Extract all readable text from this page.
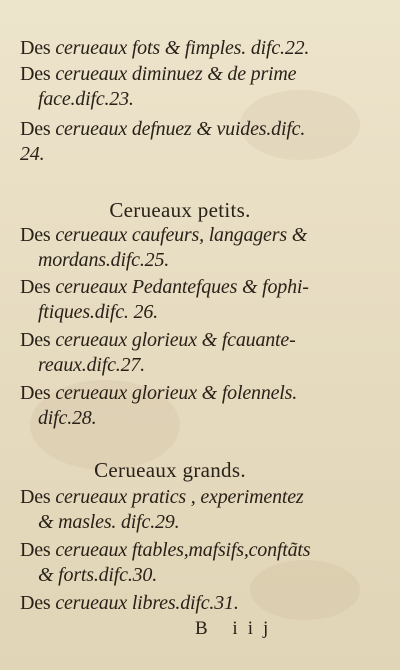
Des cerueaux fots & fimples. difc.22.

Des cerueaux diminuez & de prime
face.difc.23.

Des cerueaux defnuez & vuides.difc.
24.

Cerueaux petits.

Des cerueaux caufeurs, langagers &
mordans.difc.25.

Des cerueaux Pedantefques & fophi-
ftiques.difc. 26.

Des cerueaux glorieux & fcauante-
reaux.difc.27.

Des cerueaux glorieux & folennels.
difc.28.

Cerueaux grands.

Des cerueaux pratics , experimentez
& masles. difc.29.

Des cerueaux ftables,mafsifs,conftãts
& forts.difc.30.

Des cerueaux libres.difc.31.

B iij
